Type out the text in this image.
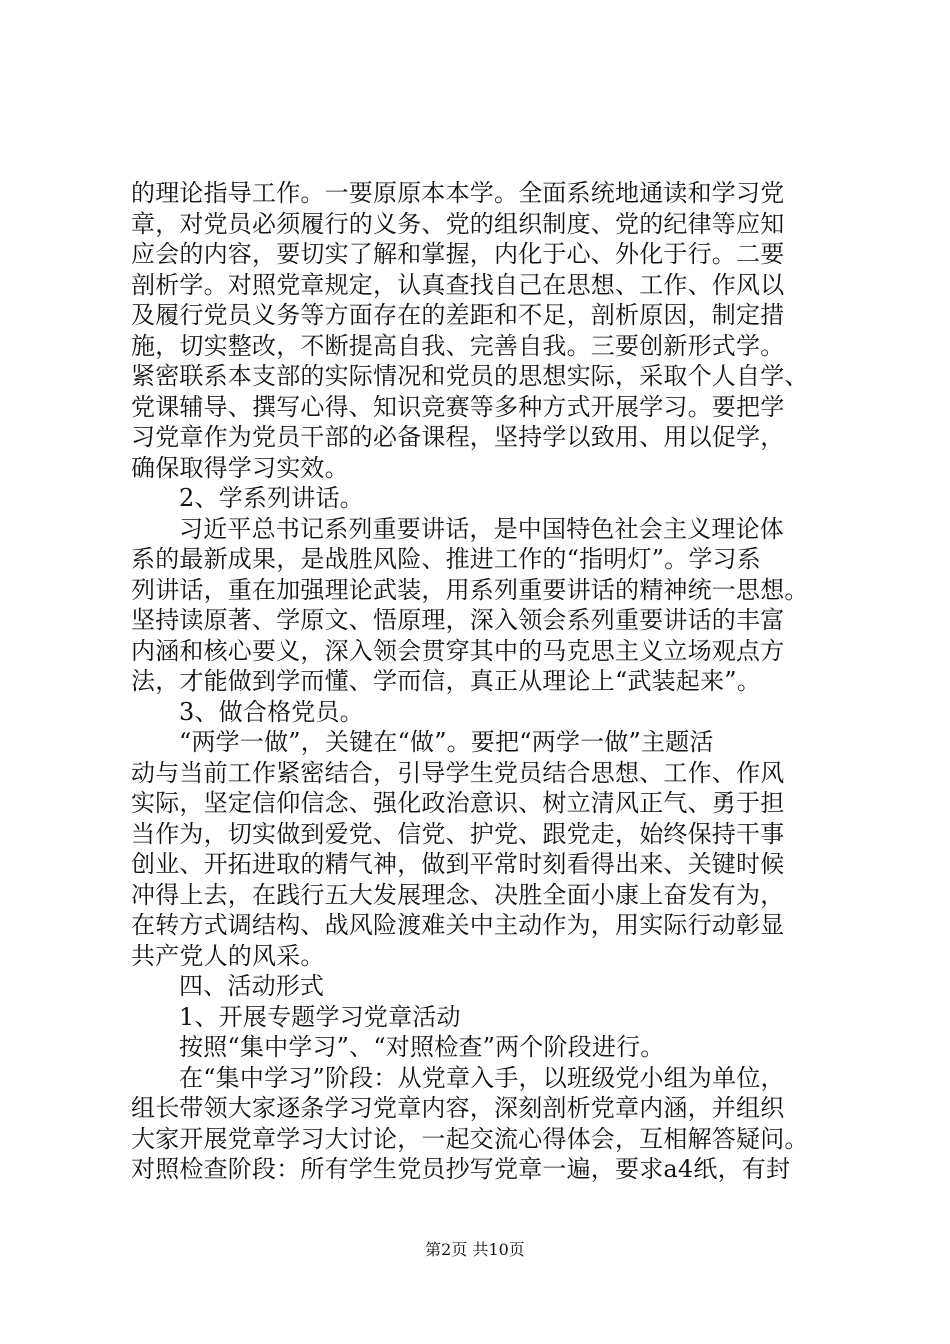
的理论指导工作。一要原原本本学。全面系统地通读和学习党
章，对党员必须履行的义务、党的组织制度、党的纪律等应知
应会的内容，要切实了解和掌握，内化于心、外化于行。二要
剖析学。对照党章规定，认真查找自己在思想、工作、作风以
及履行党员义务等方面存在的差距和不足，剖析原因，制定措
施，切实整改，不断提高自我、完善自我。三要创新形式学。
紧密联系本支部的实际情况和党员的思想实际，采取个人自学、
党课辅导、撰写心得、知识竞赛等多种方式开展学习。要把学
习党章作为党员干部的必备课程，坚持学以致用、用以促学，
确保取得学习实效。
2、学系列讲话。
习近平总书记系列重要讲话，是中国特色社会主义理论体
系的最新成果，是战胜风险、推进工作的“指明灯”。学习系
列讲话，重在加强理论武装，用系列重要讲话的精神统一思想。
坚持读原著、学原文、悟原理，深入领会系列重要讲话的丰富
内涵和核心要义，深入领会贯穿其中的马克思主义立场观点方
法，才能做到学而懂、学而信，真正从理论上“武装起来”。
3、做合格党员。
“两学一做”，关键在“做”。要把“两学一做”主题活
动与当前工作紧密结合，引导学生党员结合思想、工作、作风
实际，坚定信仰信念、强化政治意识、树立清风正气、勇于担
当作为，切实做到爱党、信党、护党、跟党走，始终保持干事
创业、开拓进取的精气神，做到平常时刻看得出来、关键时候
冲得上去，在践行五大发展理念、决胜全面小康上奋发有为，
在转方式调结构、战风险渡难关中主动作为，用实际行动彰显
共产党人的风采。
四、活动形式
1、开展专题学习党章活动
按照“集中学习”、“对照检查”两个阶段进行。
在“集中学习”阶段：从党章入手，以班级党小组为单位，
组长带领大家逐条学习党章内容，深刻剖析党章内涵，并组织
大家开展党章学习大讨论，一起交流心得体会，互相解答疑问。
对照检查阶段：所有学生党员抄写党章一遍，要求a4纸，有封
第2页 共10页
